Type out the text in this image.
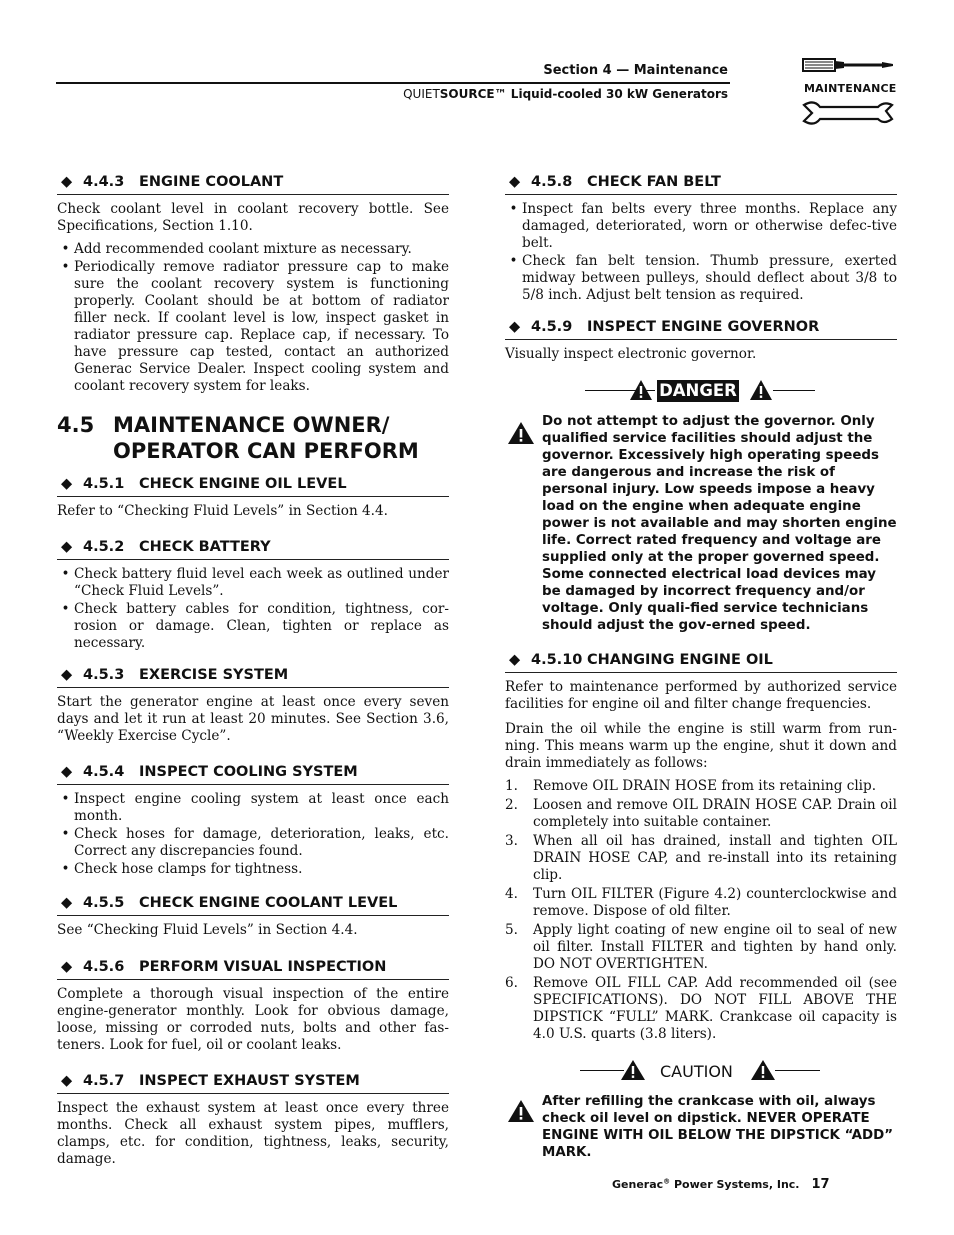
Section 4 — Maintenance
QUIETSOURCE™ Liquid-cooled 30 kW Generators	MAINTENANCE
◆ 4.4.3 ENGINE COOLANT
Check coolant level in coolant recovery bottle. See Specifications, Section 1.10.
• Add recommended coolant mixture as necessary.
• Periodically remove radiator pressure cap to make sure the coolant recovery system is functioning properly. Coolant should be at bottom of radiator filler neck. If coolant level is low, inspect gasket in radiator pressure cap. Replace cap, if necessary. To have pressure cap tested, contact an authorized Generac Service Dealer. Inspect cooling system and coolant recovery system for leaks.
4.5 MAINTENANCE OWNER/
OPERATOR CAN PERFORM
◆ 4.5.1 CHECK ENGINE OIL LEVEL
Refer to “Checking Fluid Levels” in Section 4.4.
◆ 4.5.2 CHECK BATTERY
• Check battery fluid level each week as outlined under “Check Fluid Levels”.
• Check battery cables for condition, tightness, cor-rosion or damage. Clean, tighten or replace as necessary.
◆ 4.5.3 EXERCISE SYSTEM
Start the generator engine at least once every seven days and let it run at least 20 minutes. See Section 3.6, “Weekly Exercise Cycle”.
◆ 4.5.4 INSPECT COOLING SYSTEM
• Inspect engine cooling system at least once each month.
• Check hoses for damage, deterioration, leaks, etc. Correct any discrepancies found.
• Check hose clamps for tightness.
◆ 4.5.5 CHECK ENGINE COOLANT LEVEL
See “Checking Fluid Levels” in Section 4.4.
◆ 4.5.6 PERFORM VISUAL INSPECTION
Complete a thorough visual inspection of the entire engine-generator monthly. Look for obvious damage, loose, missing or corroded nuts, bolts and other fas-teners. Look for fuel, oil or coolant leaks.
◆ 4.5.7 INSPECT EXHAUST SYSTEM
Inspect the exhaust system at least once every three months. Check all exhaust system pipes, mufflers, clamps, etc. for condition, tightness, leaks, security, damage.
◆ 4.5.8 CHECK FAN BELT
• Inspect fan belts every three months. Replace any damaged, deteriorated, worn or otherwise defec-tive belt.
• Check fan belt tension. Thumb pressure, exerted midway between pulleys, should deflect about 3/8 to 5/8 inch. Adjust belt tension as required.
◆ 4.5.9 INSPECT ENGINE GOVERNOR
Visually inspect electronic governor.
DANGER
Do not attempt to adjust the governor. Only qualified service facilities should adjust the governor. Excessively high operating speeds are dangerous and increase the risk of personal injury. Low speeds impose a heavy load on the engine when adequate engine power is not available and may shorten engine life. Correct rated frequency and voltage are supplied only at the proper governed speed. Some connected electrical load devices may be damaged by incorrect frequency and/or voltage. Only quali-fied service technicians should adjust the gov-erned speed.
◆ 4.5.10 CHANGING ENGINE OIL
Refer to maintenance performed by authorized service facilities for engine oil and filter change frequencies.
Drain the oil while the engine is still warm from run-ning. This means warm up the engine, shut it down and drain immediately as follows:
1. Remove OIL DRAIN HOSE from its retaining clip.
2. Loosen and remove OIL DRAIN HOSE CAP. Drain oil completely into suitable container.
3. When all oil has drained, install and tighten OIL DRAIN HOSE CAP, and re-install into its retaining clip.
4. Turn OIL FILTER (Figure 4.2) counterclockwise and remove. Dispose of old filter.
5. Apply light coating of new engine oil to seal of new oil filter. Install FILTER and tighten by hand only. DO NOT OVERTIGHTEN.
6. Remove OIL FILL CAP. Add recommended oil (see SPECIFICATIONS). DO NOT FILL ABOVE THE DIPSTICK “FULL” MARK. Crankcase oil capacity is 4.0 U.S. quarts (3.8 liters).
CAUTION
After refilling the crankcase with oil, always check oil level on dipstick. NEVER OPERATE ENGINE WITH OIL BELOW THE DIPSTICK “ADD” MARK.
Generac® Power Systems, Inc. 17
